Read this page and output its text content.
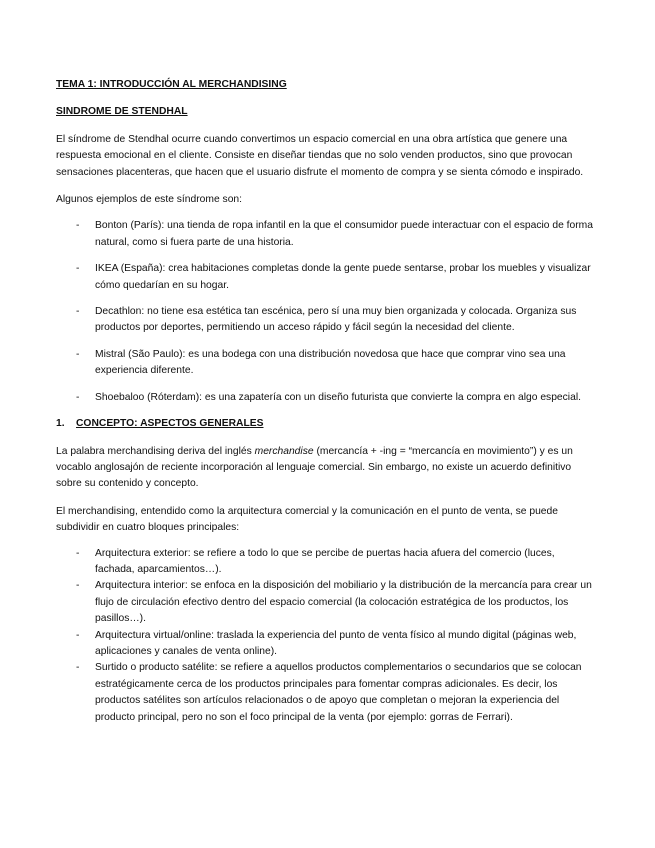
TEMA 1: INTRODUCCIÓN AL MERCHANDISING

SINDROME DE STENDHAL

El síndrome de Stendhal ocurre cuando convertimos un espacio comercial en una obra artística que genere una respuesta emocional en el cliente. Consiste en diseñar tiendas que no solo venden productos, sino que provocan sensaciones placenteras, que hacen que el usuario disfrute el momento de compra y se sienta cómodo e inspirado.

Algunos ejemplos de este síndrome son:

- Bonton (París): una tienda de ropa infantil en la que el consumidor puede interactuar con el espacio de forma natural, como si fuera parte de una historia.
- IKEA (España): crea habitaciones completas donde la gente puede sentarse, probar los muebles y visualizar cómo quedarían en su hogar.
- Decathlon: no tiene esa estética tan escénica, pero sí una muy bien organizada y colocada. Organiza sus productos por deportes, permitiendo un acceso rápido y fácil según la necesidad del cliente.
- Mistral (São Paulo): es una bodega con una distribución novedosa que hace que comprar vino sea una experiencia diferente.
- Shoebaloo (Róterdam): es una zapatería con un diseño futurista que convierte la compra en algo especial.

1. CONCEPTO: ASPECTOS GENERALES

La palabra merchandising deriva del inglés merchandise (mercancía + -ing = “mercancía en movimiento”) y es un vocablo anglosajón de reciente incorporación al lenguaje comercial. Sin embargo, no existe un acuerdo definitivo sobre su contenido y concepto.

El merchandising, entendido como la arquitectura comercial y la comunicación en el punto de venta, se puede subdividir en cuatro bloques principales:

- Arquitectura exterior: se refiere a todo lo que se percibe de puertas hacia afuera del comercio (luces, fachada, aparcamientos…).
- Arquitectura interior: se enfoca en la disposición del mobiliario y la distribución de la mercancía para crear un flujo de circulación efectivo dentro del espacio comercial (la colocación estratégica de los productos, los pasillos…).
- Arquitectura virtual/online: traslada la experiencia del punto de venta físico al mundo digital (páginas web, aplicaciones y canales de venta online).
- Surtido o producto satélite: se refiere a aquellos productos complementarios o secundarios que se colocan estratégicamente cerca de los productos principales para fomentar compras adicionales. Es decir, los productos satélites son artículos relacionados o de apoyo que completan o mejoran la experiencia del producto principal, pero no son el foco principal de la venta (por ejemplo: gorras de Ferrari).
